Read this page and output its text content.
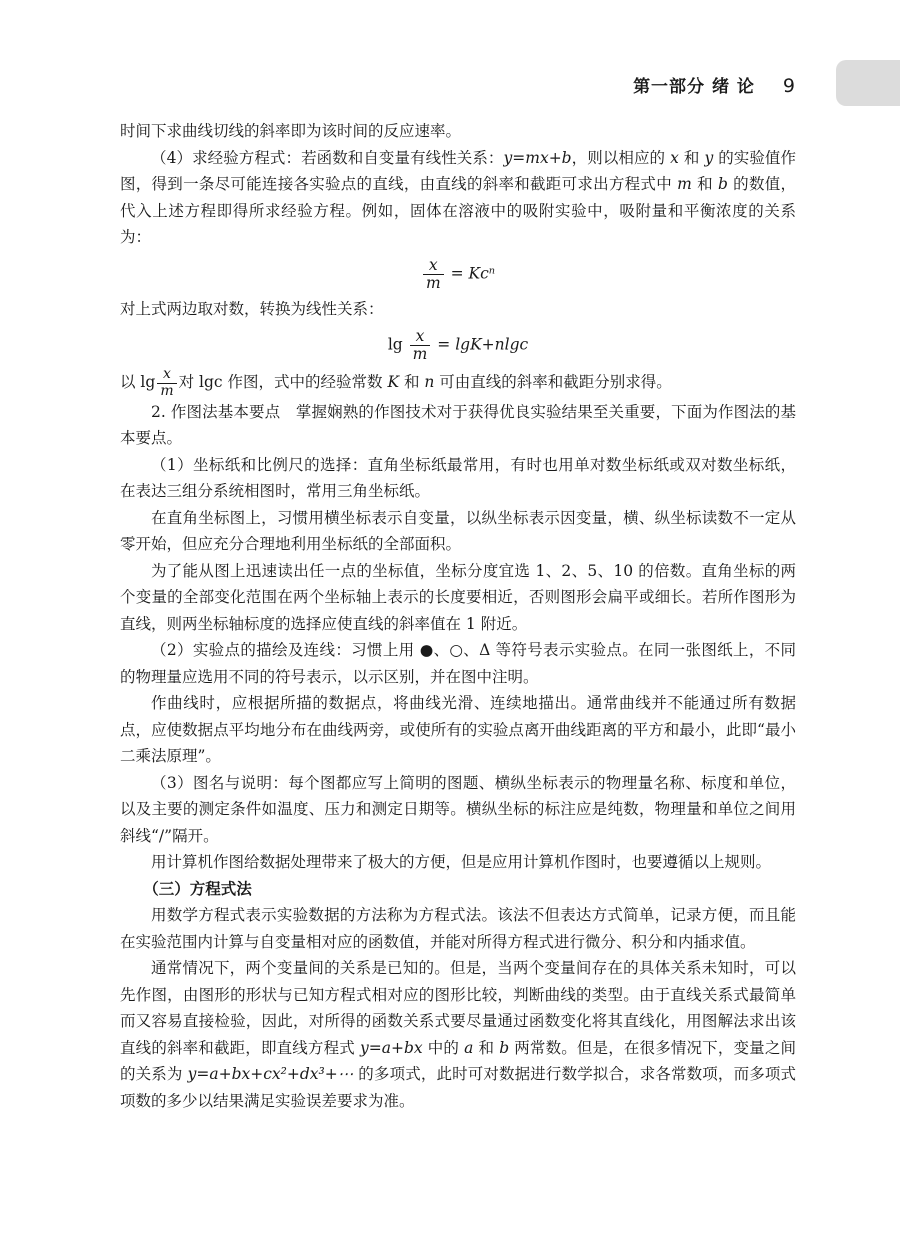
第一部分 绪 论 9

时间下求曲线切线的斜率即为该时间的反应速率。

（4）求经验方程式：若函数和自变量有线性关系：y=mx+b，则以相应的 x 和 y 的实验值作图，得到一条尽可能连接各实验点的直线，由直线的斜率和截距可求出方程式中 m 和 b 的数值，代入上述方程即得所求经验方程。例如，固体在溶液中的吸附实验中，吸附量和平衡浓度的关系为：

$\frac{x}{m} = Kc^n$

对上式两边取对数，转换为线性关系：

$\lg \frac{x}{m} = \lg K+nlgc$

以 $\lg \frac{x}{m}$ 对 lgc 作图，式中的经验常数 K 和 n 可由直线的斜率和截距分别求得。

2. 作图法基本要点　掌握娴熟的作图技术对于获得优良实验结果至关重要，下面为作图法的基本要点。

（1）坐标纸和比例尺的选择：直角坐标纸最常用，有时也用单对数坐标纸或双对数坐标纸，在表达三组分系统相图时，常用三角坐标纸。

在直角坐标图上，习惯用横坐标表示自变量，以纵坐标表示因变量，横、纵坐标读数不一定从零开始，但应充分合理地利用坐标纸的全部面积。

为了能从图上迅速读出任一点的坐标值，坐标分度宜选 1、2、5、10 的倍数。直角坐标的两个变量的全部变化范围在两个坐标轴上表示的长度要相近，否则图形会扁平或细长。若所作图形为直线，则两坐标轴标度的选择应使直线的斜率值在 1 附近。

（2）实验点的描绘及连线：习惯上用 ●、○、Δ 等符号表示实验点。在同一张图纸上，不同的物理量应选用不同的符号表示，以示区别，并在图中注明。

作曲线时，应根据所描的数据点，将曲线光滑、连续地描出。通常曲线并不能通过所有数据点，应使数据点平均地分布在曲线两旁，或使所有的实验点离开曲线距离的平方和最小，此即“最小二乘法原理”。

（3）图名与说明：每个图都应写上简明的图题、横纵坐标表示的物理量名称、标度和单位，以及主要的测定条件如温度、压力和测定日期等。横纵坐标的标注应是纯数，物理量和单位之间用斜线“/”隔开。

用计算机作图给数据处理带来了极大的方便，但是应用计算机作图时，也要遵循以上规则。

（三）方程式法

用数学方程式表示实验数据的方法称为方程式法。该法不但表达方式简单，记录方便，而且能在实验范围内计算与自变量相对应的函数值，并能对所得方程式进行微分、积分和内插求值。

通常情况下，两个变量间的关系是已知的。但是，当两个变量间存在的具体关系未知时，可以先作图，由图形的形状与已知方程式相对应的图形比较，判断曲线的类型。由于直线关系式最简单而又容易直接检验，因此，对所得的函数关系式要尽量通过函数变化将其直线化，用图解法求出该直线的斜率和截距，即直线方程式 y=a+bx 中的 a 和 b 两常数。但是，在很多情况下，变量之间的关系为 y=a+bx+cx²+dx³+⋯ 的多项式，此时可对数据进行数学拟合，求各常数项，而多项式项数的多少以结果满足实验误差要求为准。
